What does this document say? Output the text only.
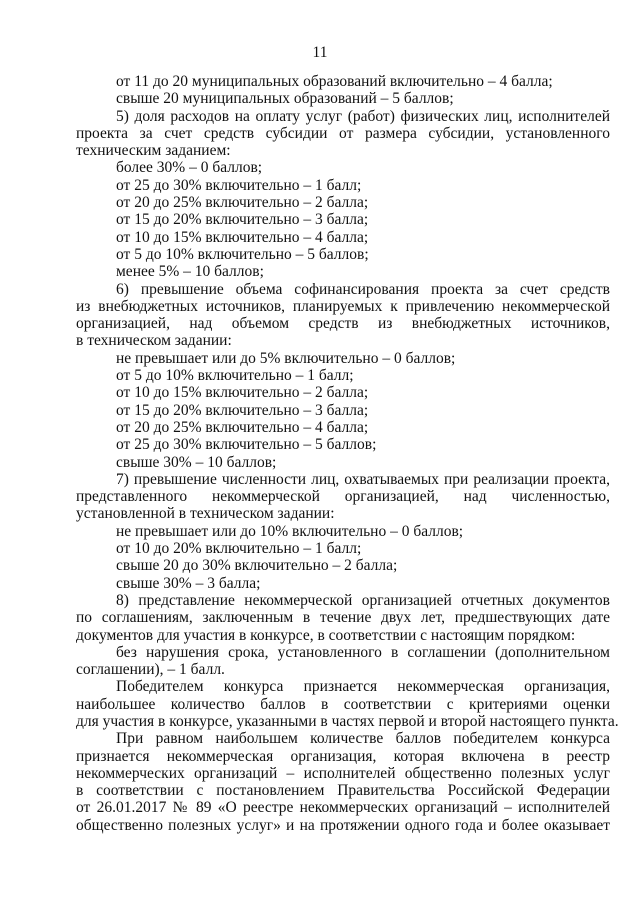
11
от 11 до 20 муниципальных образований включительно – 4 балла;
свыше 20 муниципальных образований – 5 баллов;
5) доля расходов на оплату услуг (работ) физических лиц, исполнителей
проекта за счет средств субсидии от размера субсидии, установленного
техническим заданием:
более 30% – 0 баллов;
от 25 до 30% включительно – 1 балл;
от 20 до 25% включительно – 2 балла;
от 15 до 20% включительно – 3 балла;
от 10 до 15% включительно – 4 балла;
от 5 до 10% включительно – 5 баллов;
менее 5% – 10 баллов;
6) превышение объема софинансирования проекта за счет средств
из внебюджетных источников, планируемых к привлечению некоммерческой
организацией, над объемом средств из внебюджетных источников,
в техническом задании:
не превышает или до 5% включительно – 0 баллов;
от 5 до 10% включительно – 1 балл;
от 10 до 15% включительно – 2 балла;
от 15 до 20% включительно – 3 балла;
от 20 до 25% включительно – 4 балла;
от 25 до 30% включительно – 5 баллов;
свыше 30% – 10 баллов;
7) превышение численности лиц, охватываемых при реализации проекта,
представленного некоммерческой организацией, над численностью,
установленной в техническом задании:
не превышает или до 10% включительно – 0 баллов;
от 10 до 20% включительно – 1 балл;
свыше 20 до 30% включительно – 2 балла;
свыше 30% – 3 балла;
8) представление некоммерческой организацией отчетных документов
по соглашениям, заключенным в течение двух лет, предшествующих дате
документов для участия в конкурсе, в соответствии с настоящим порядком:
без нарушения срока, установленного в соглашении (дополнительном
соглашении), – 1 балл.
Победителем конкурса признается некоммерческая организация,
наибольшее количество баллов в соответствии с критериями оценки
для участия в конкурсе, указанными в частях первой и второй настоящего пункта.
При равном наибольшем количестве баллов победителем конкурса
признается некоммерческая организация, которая включена в реестр
некоммерческих организаций – исполнителей общественно полезных услуг
в соответствии с постановлением Правительства Российской Федерации
от 26.01.2017 № 89 «О реестре некоммерческих организаций – исполнителей
общественно полезных услуг» и на протяжении одного года и более оказывает
